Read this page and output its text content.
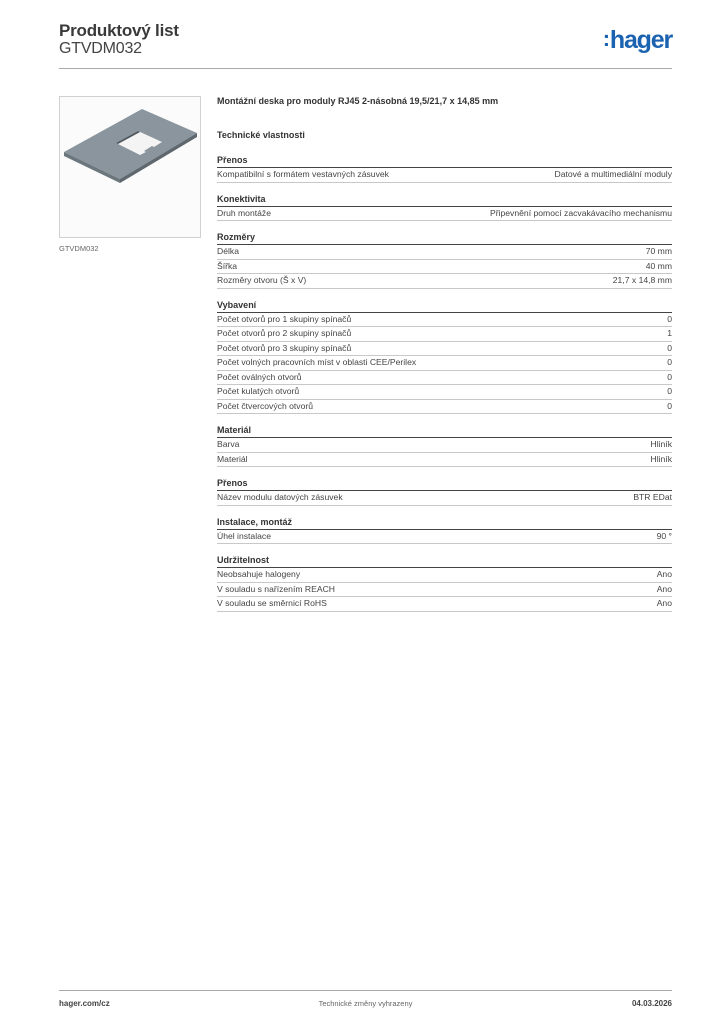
Produktový list
GTVDM032	:hager
GTVDM032
Montážní deska pro moduly RJ45 2-násobná 19,5/21,7 x 14,85 mm
Technické vlastnosti
Přenos
Kompatibilní s formátem vestavných zásuvek	Datové a multimediální moduly
Konektivita
Druh montáže	Připevnění pomocí zacvakávacího mechanismu
Rozměry
Délka	70 mm
Šířka	40 mm
Rozměry otvoru (Š x V)	21,7 x 14,8 mm
Vybavení
Počet otvorů pro 1 skupiny spínačů	0
Počet otvorů pro 2 skupiny spínačů	1
Počet otvorů pro 3 skupiny spínačů	0
Počet volných pracovních míst v oblasti CEE/Perilex	0
Počet oválných otvorů	0
Počet kulatých otvorů	0
Počet čtvercových otvorů	0
Materiál
Barva	Hliník
Materiál	Hliník
Přenos
Název modulu datových zásuvek	BTR EDat
Instalace, montáž
Úhel instalace	90 °
Udržitelnost
Neobsahuje halogeny	Ano
V souladu s nařízením REACH	Ano
V souladu se směrnicí RoHS	Ano
hager.com/cz	Technické změny vyhrazeny	04.03.2026
